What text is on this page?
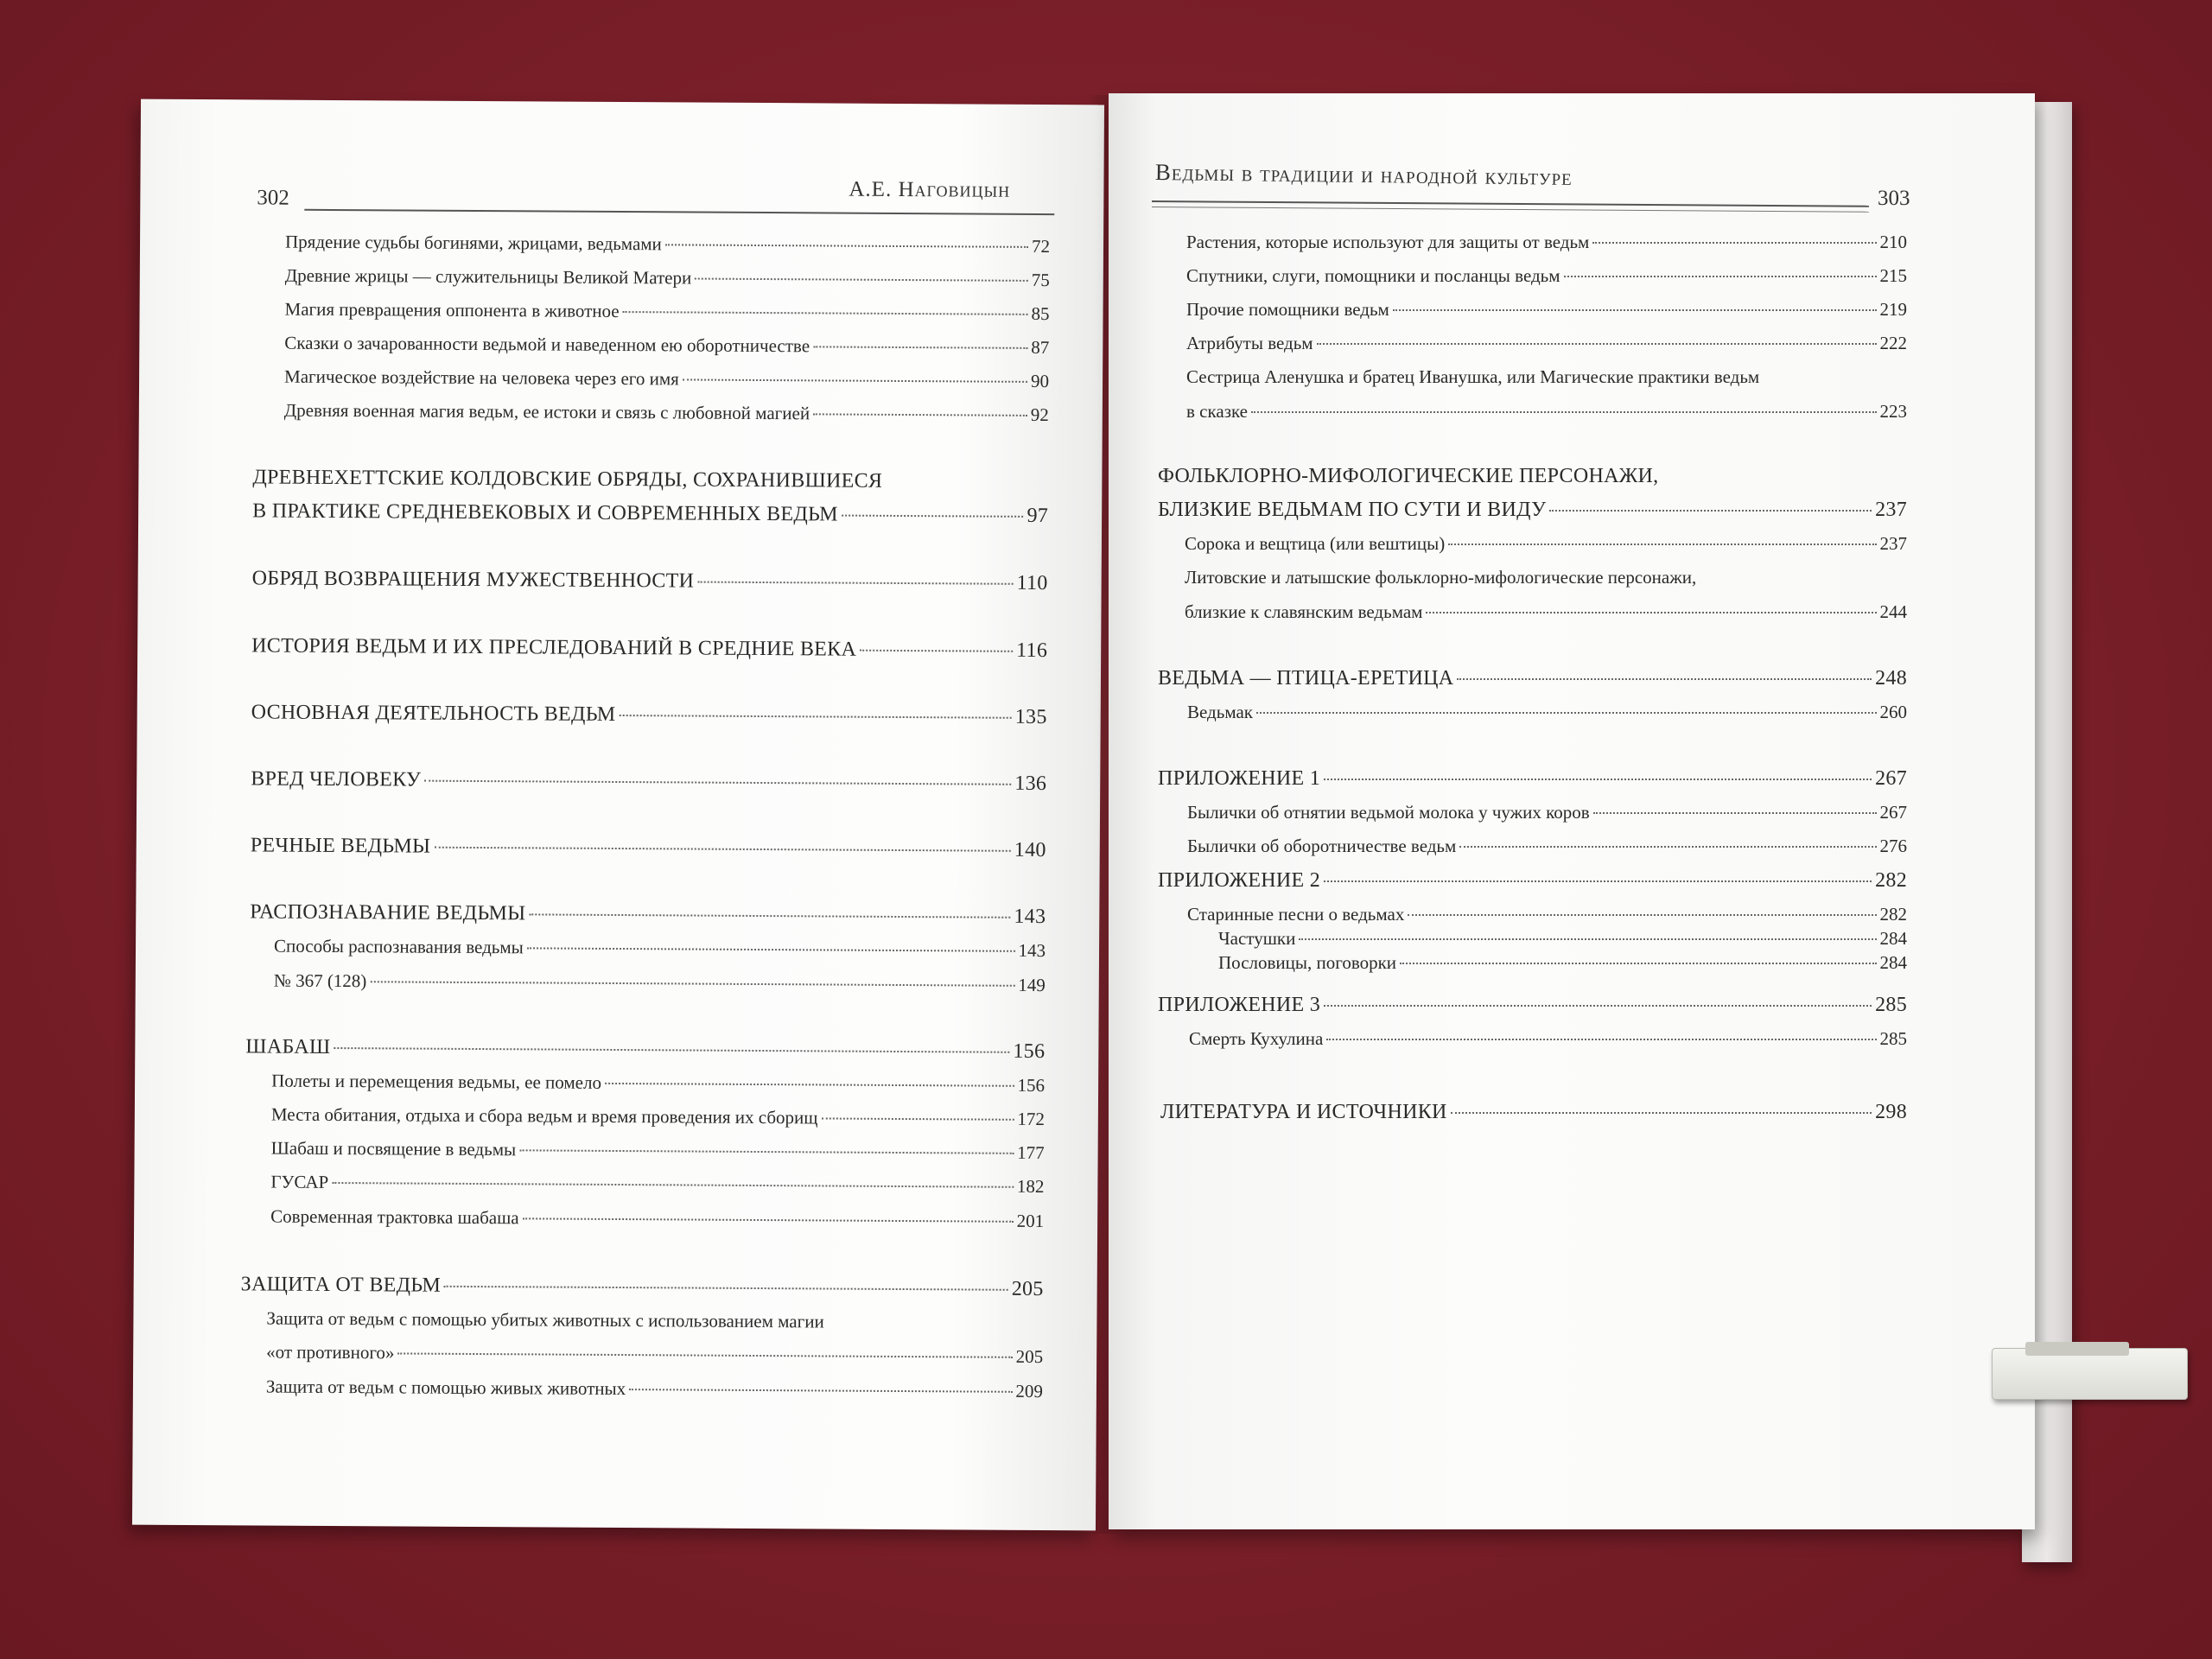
302	А.Е. Наговицын
Прядение судьбы богинями, жрицами, ведьмами	72
Древние жрицы — служительницы Великой Матери	75
Магия превращения оппонента в животное	85
Сказки о зачарованности ведьмой и наведенном ею оборотничестве	87
Магическое воздействие на человека через его имя	90
Древняя военная магия ведьм, ее истоки и связь с любовной магией	92
ДРЕВНЕХЕТТСКИЕ КОЛДОВСКИЕ ОБРЯДЫ, СОХРАНИВШИЕСЯ
В ПРАКТИКЕ СРЕДНЕВЕКОВЫХ И СОВРЕМЕННЫХ ВЕДЬМ	97
ОБРЯД ВОЗВРАЩЕНИЯ МУЖЕСТВЕННОСТИ	110
ИСТОРИЯ ВЕДЬМ И ИХ ПРЕСЛЕДОВАНИЙ В СРЕДНИЕ ВЕКА	116
ОСНОВНАЯ ДЕЯТЕЛЬНОСТЬ ВЕДЬМ	135
ВРЕД ЧЕЛОВЕКУ	136
РЕЧНЫЕ ВЕДЬМЫ	140
РАСПОЗНАВАНИЕ ВЕДЬМЫ	143
Способы распознавания ведьмы	143
№ 367 (128)	149
ШАБАШ	156
Полеты и перемещения ведьмы, ее помело	156
Места обитания, отдыха и сбора ведьм и время проведения их сборищ	172
Шабаш и посвящение в ведьмы	177
ГУСАР	182
Современная трактовка шабаша	201
ЗАЩИТА ОТ ВЕДЬМ	205
Защита от ведьм с помощью убитых животных с использованием магии
«от противного»	205
Защита от ведьм с помощью живых животных	209
Ведьмы в традиции и народной культуре
303
Растения, которые используют для защиты от ведьм	210
Спутники, слуги, помощники и посланцы ведьм	215
Прочие помощники ведьм	219
Атрибуты ведьм	222
Сестрица Аленушка и братец Иванушка, или Магические практики ведьм
в сказке	223
ФОЛЬКЛОРНО-МИФОЛОГИЧЕСКИЕ ПЕРСОНАЖИ,
БЛИЗКИЕ ВЕДЬМАМ ПО СУТИ И ВИДУ	237
Сорока и вещтица (или вештицы)	237
Литовские и латышские фольклорно-мифологические персонажи,
близкие к славянским ведьмам	244
ВЕДЬМА — ПТИЦА-ЕРЕТИЦА	248
Ведьмак	260
ПРИЛОЖЕНИЕ 1	267
Былички об отнятии ведьмой молока у чужих коров	267
Былички об оборотничестве ведьм	276
ПРИЛОЖЕНИЕ 2	282
Старинные песни о ведьмах	282
Частушки	284
Пословицы, поговорки	284
ПРИЛОЖЕНИЕ 3	285
Смерть Кухулина	285
ЛИТЕРАТУРА И ИСТОЧНИКИ	298
